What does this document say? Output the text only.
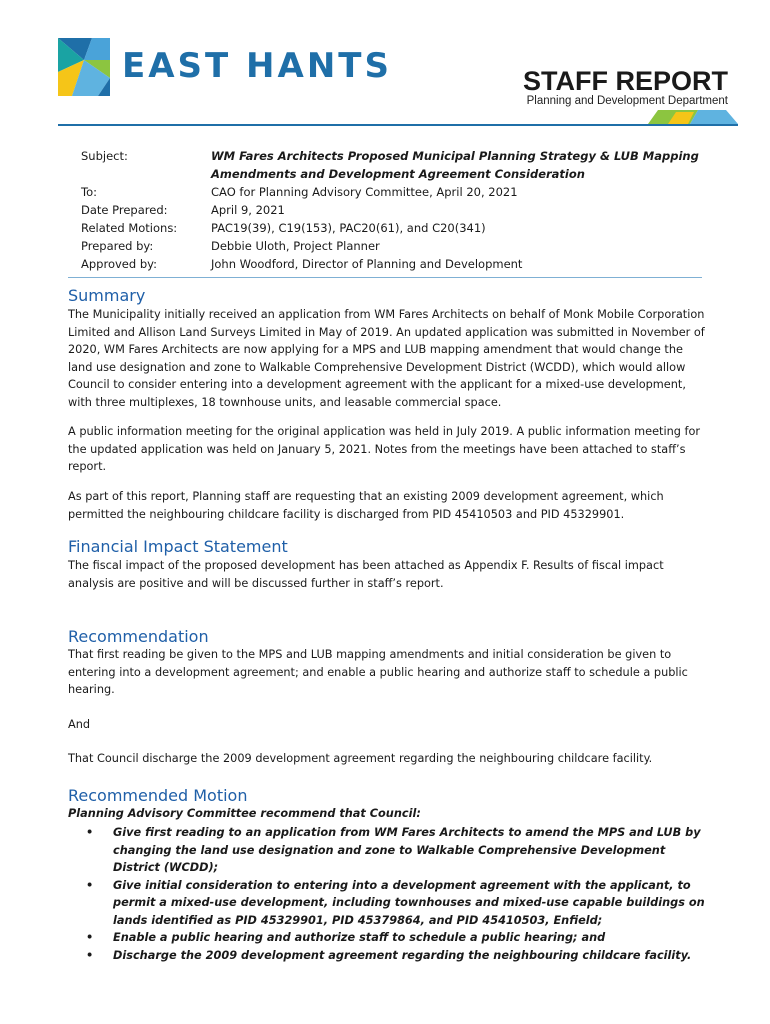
EAST HANTS	STAFF REPORT
Planning and Development Department
Subject:	WM Fares Architects Proposed Municipal Planning Strategy & LUB Mapping Amendments and Development Agreement Consideration
To:	CAO for Planning Advisory Committee, April 20, 2021
Date Prepared:	April 9, 2021
Related Motions:	PAC19(39), C19(153), PAC20(61), and C20(341)
Prepared by:	Debbie Uloth, Project Planner
Approved by:	John Woodford, Director of Planning and Development
Summary

The Municipality initially received an application from WM Fares Architects on behalf of Monk Mobile Corporation Limited and Allison Land Surveys Limited in May of 2019. An updated application was submitted in November of 2020, WM Fares Architects are now applying for a MPS and LUB mapping amendment that would change the land use designation and zone to Walkable Comprehensive Development District (WCDD), which would allow Council to consider entering into a development agreement with the applicant for a mixed-use development, with three multiplexes, 18 townhouse units, and leasable commercial space.

A public information meeting for the original application was held in July 2019. A public information meeting for the updated application was held on January 5, 2021. Notes from the meetings have been attached to staff’s report.

As part of this report, Planning staff are requesting that an existing 2009 development agreement, which permitted the neighbouring childcare facility is discharged from PID 45410503 and PID 45329901.

Financial Impact Statement

The fiscal impact of the proposed development has been attached as Appendix F. Results of fiscal impact analysis are positive and will be discussed further in staff’s report.

Recommendation

That first reading be given to the MPS and LUB mapping amendments and initial consideration be given to entering into a development agreement; and enable a public hearing and authorize staff to schedule a public hearing.

And

That Council discharge the 2009 development agreement regarding the neighbouring childcare facility.

Recommended Motion
Planning Advisory Committee recommend that Council:
• Give first reading to an application from WM Fares Architects to amend the MPS and LUB by changing the land use designation and zone to Walkable Comprehensive Development District (WCDD);
• Give initial consideration to entering into a development agreement with the applicant, to permit a mixed-use development, including townhouses and mixed-use capable buildings on lands identified as PID 45329901, PID 45379864, and PID 45410503, Enfield;
• Enable a public hearing and authorize staff to schedule a public hearing; and
• Discharge the 2009 development agreement regarding the neighbouring childcare facility.
